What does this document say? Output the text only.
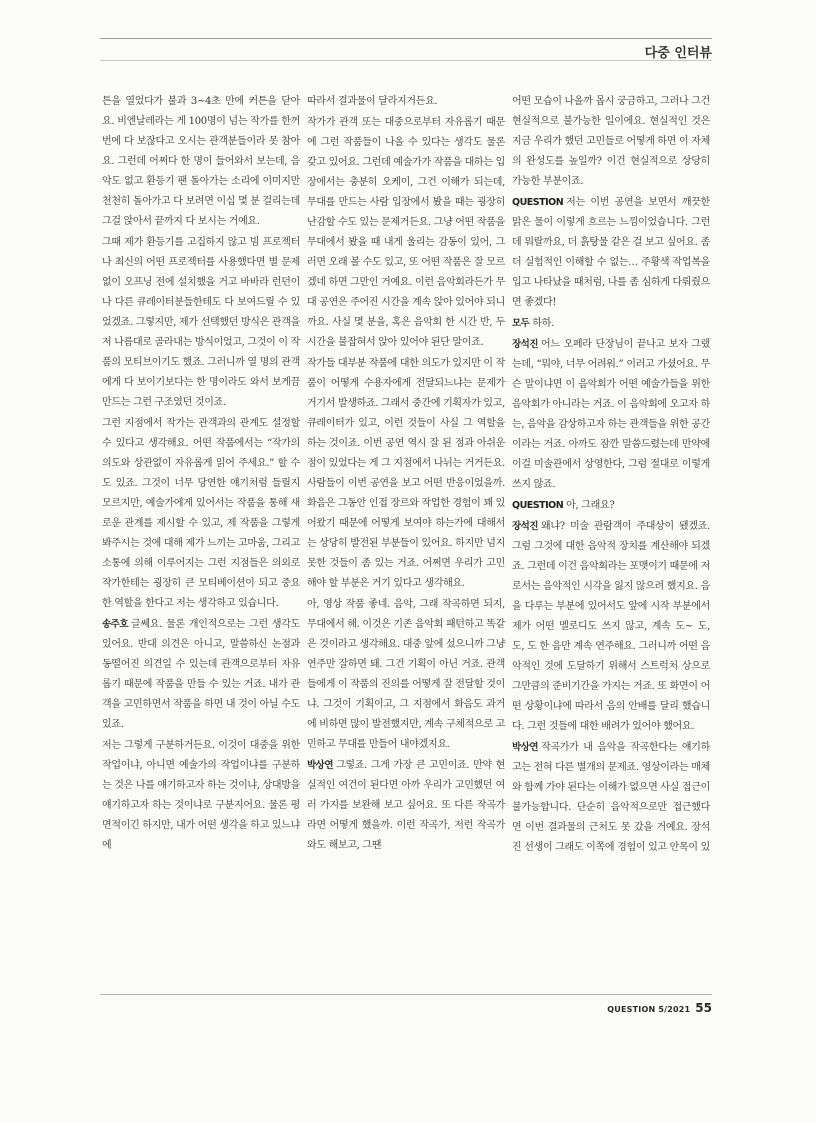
다중 인터뷰

튼을 열었다가 불과 3~4초 만에 커튼을 닫아요. 비엔날레라는 게 100명이 넘는 작가를 한꺼번에 다 보잖다고 오시는 관객분들이라 못 참아요. 그런데 어쩌다 한 명이 들어와서 보는데, 음악도 없고 환등기 팬 돌아가는 소리에 이미지만 천천히 돌아가고 다 보려면 이십 몇 분 걸리는데 그걸 앉아서 끝까지 다 보시는 거예요.

그때 제가 환등기를 고집하지 않고 빔 프로젝터나 최신의 어떤 프로젝터를 사용했다면 별 문제없이 오프닝 전에 설치했을 거고 바바라 런던이나 다른 큐레이터분들한테도 다 보여드릴 수 있었겠죠. 그렇지만, 제가 선택했던 방식은 관객을 저 나름대로 골라내는 방식이었고, 그것이 이 작품의 모티브이기도 했죠. 그러니까 열 명의 관객에게 다 보이기보다는 한 명이라도 와서 보게끔 만드는 그런 구조였던 것이죠.

그런 지점에서 작가는 관객과의 관계도 설정할 수 있다고 생각해요. 어떤 작품에서는 “작가의 의도와 상관없이 자유롭게 읽어 주세요.” 할 수도 있죠. 그것이 너무 당연한 얘기처럼 들릴지 모르지만, 예술가에게 있어서는 작품을 통해 새로운 관계를 제시할 수 있고, 제 작품을 그렇게 봐주시는 것에 대해 제가 느끼는 고마움, 그리고 소통에 의해 이루어지는 그런 지점들은 의외로 작가한테는 굉장히 큰 모티베이션이 되고 중요한 역할을 한다고 저는 생각하고 있습니다.

송주호 글쎄요. 물론 개인적으로는 그런 생각도 있어요. 반대 의견은 아니고, 말씀하신 논점과 동떨어진 의견일 수 있는데 관객으로부터 자유롭기 때문에 작품을 만들 수 있는 거죠. 내가 관객을 고민하면서 작품을 하면 내 것이 아닐 수도 있죠.

저는 그렇게 구분하거든요. 이것이 대중을 위한 작업이냐, 아니면 예술가의 작업이냐를 구분하는 것은 나를 얘기하고자 하는 것이냐, 상대방을 얘기하고자 하는 것이냐로 구분지어요. 물론 평면적이긴 하지만, 내가 어떤 생각을 하고 있느냐에

따라서 결과물이 달라지거든요.

작가가 관객 또는 대중으로부터 자유롭기 때문에 그런 작품들이 나올 수 있다는 생각도 물론 갖고 있어요. 그런데 예술가가 작품을 대하는 입장에서는 충분히 오케이, 그건 이해가 되는데, 무대를 만드는 사람 입장에서 봤을 때는 굉장히 난감할 수도 있는 문제거든요. 그냥 어떤 작품을 무대에서 봤을 때 내게 울리는 감동이 있어, 그러면 오래 볼 수도 있고, 또 어떤 작품은 잘 모르겠네 하면 그만인 거예요. 이런 음악회라든가 무대 공연은 주어진 시간을 계속 앉아 있어야 되니까요. 사실 몇 분을, 혹은 음악회 한 시간 반, 두 시간을 불잡혀서 앉아 있어야 된단 말이죠.

작가들 대부분 작품에 대한 의도가 있지만 이 작품이 어떻게 수용자에게 전달되느냐는 문제가 거기서 발생하죠. 그래서 중간에 기획자가 있고, 큐레이터가 있고, 이런 것들이 사실 그 역할을 하는 것이죠. 이번 공연 역시 잘 된 점과 아쉬운 점이 있었다는 게 그 지점에서 나뉘는 거거든요. 사람들이 이번 공연을 보고 어떤 반응이었을까. 화음은 그동안 인접 장르와 작업한 경험이 꽤 있어왔기 때문에 어떻게 보여야 하는가에 대해서는 상당히 발전된 부분들이 있어요. 하지만 넘지 못한 것들이 좀 있는 거죠. 어쩌면 우리가 고민해야 할 부분은 거기 있다고 생각해요.

아, 영상 작품 좋네. 음악, 그래 작곡하면 되지, 무대에서 해. 이것은 기존 음악회 패턴하고 똑같은 것이라고 생각해요. 대중 앞에 섰으니까 그냥 연주만 잘하면 돼. 그건 기획이 아닌 거죠. 관객들에게 이 작품의 진의를 어떻게 잘 전달할 것이냐. 그것이 기획이고, 그 지점에서 화음도 과거에 비하면 많이 발전했지만, 계속 구체적으로 고민하고 무대를 만들어 내야겠지요.

박상연 그렇죠. 그게 가장 큰 고민이죠. 만약 현실적인 여건이 된다면 아까 우리가 고민했던 여러 가지를 보완해 보고 싶어요. 또 다른 작곡가라면 어떻게 했을까. 이런 작곡가, 저런 작곡가와도 해보고, 그땐

어떤 모습이 나올까 몹시 궁금하고, 그러나 그건 현실적으로 불가능한 일이에요. 현실적인 것은 지금 우리가 했던 고민들로 어떻게 하면 이 자체의 완성도를 높일까? 이건 현실적으로 상당히 가능한 부분이죠.

QUESTION 저는 이번 공연을 보면서 깨끗한 맑은 물이 이렇게 흐르는 느낌이었습니다. 그런데 뭐랄까요, 더 흙탕물 같은 걸 보고 싶어요. 좀 더 실험적인 이해할 수 없는… 주황색 작업복을 입고 나타났을 때처럼, 나를 좀 심하게 다뤄줬으면 좋겠다!

모두 하하.

장석진 어느 오페라 단장님이 끝나고 보자 그랬는데, “뭐야, 너무 어려워.” 이러고 가셨어요. 무슨 말이냐면 이 음악회가 어떤 예술가들을 위한 음악회가 아니라는 거죠. 이 음악회에 오고자 하는, 음악을 감상하고자 하는 관객들을 위한 공간이라는 거죠. 아까도 잠깐 말씀드렸는데 만약에 이걸 미술관에서 상영한다, 그럼 절대로 이렇게 쓰지 않죠.

QUESTION 아, 그래요?

장석진 왜냐? 미술 관람객이 주대상이 됐겠죠. 그럼 그것에 대한 음악적 장치를 계산해야 되겠죠. 그런데 이건 음악회라는 포맷이기 때문에 저로서는 음악적인 시각을 잃지 않으려 했지요. 음을 다루는 부분에 있어서도 앞에 시작 부분에서 제가 어떤 멜로디도 쓰지 않고, 계속 도~ 도, 도, 도 한 음만 계속 연주해요. 그러니까 어떤 음악적인 것에 도달하기 위해서 스트럭처 상으로 그만큼의 준비기간을 가지는 거죠. 또 화면이 어떤 상황이냐에 따라서 음의 안배를 달리 했습니다. 그런 것들에 대한 배려가 있어야 했어요.

박상연 작곡가가 내 음악을 작곡한다는 얘기하고는 전혀 다른 별개의 문제죠. 영상이라는 매체와 함께 가야 된다는 이해가 없으면 사실 접근이 불가능합니다. 단순히 음악적으로만 접근했다면 이번 결과물의 근처도 못 갔을 거예요. 장석진 선생이 그래도 이쪽에 경험이 있고 안목이 있

QUESTION 5/2021 55
